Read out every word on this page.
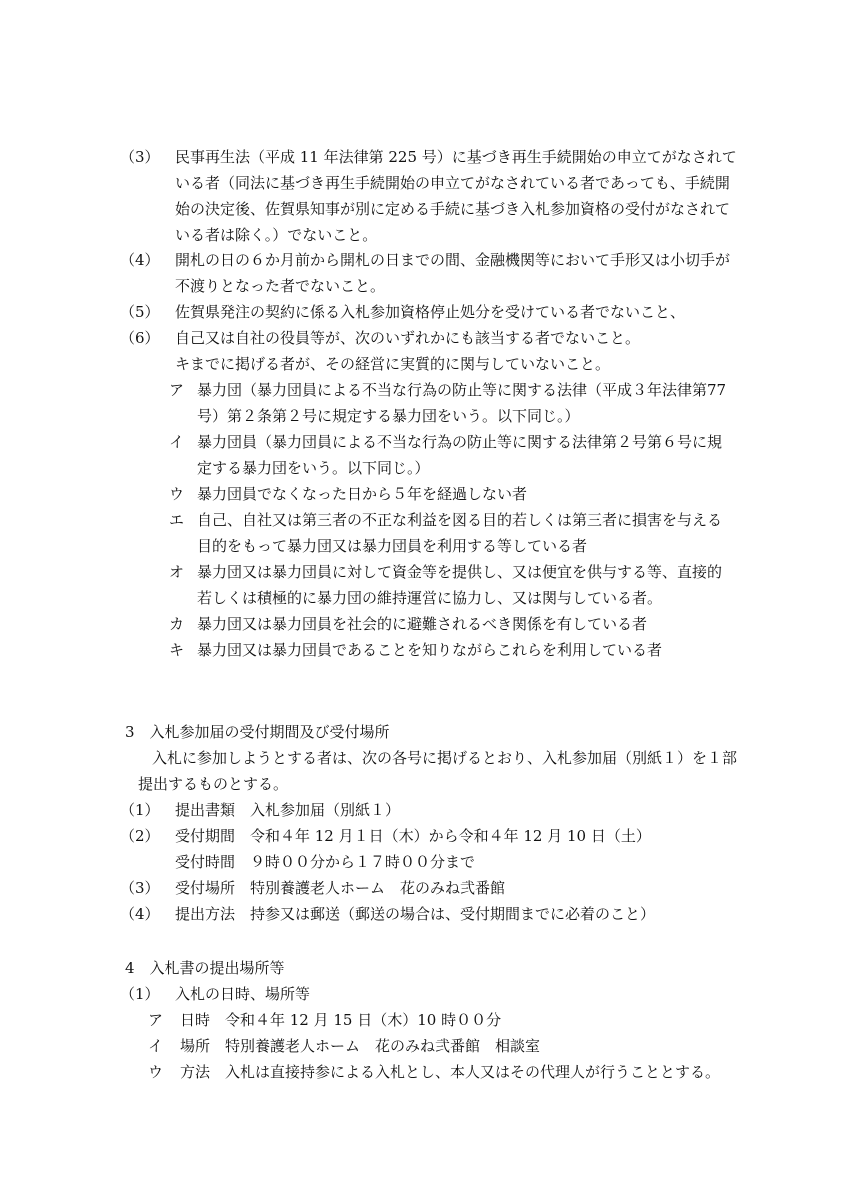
（3） 民事再生法（平成 11 年法律第 225 号）に基づき再生手続開始の申立てがなされて
いる者（同法に基づき再生手続開始の申立てがなされている者であっても、手続開
始の決定後、佐賀県知事が別に定める手続に基づき入札参加資格の受付がなされて
いる者は除く。）でないこと。
（4） 開札の日の６か月前から開札の日までの間、金融機関等において手形又は小切手が
不渡りとなった者でないこと。
（5） 佐賀県発注の契約に係る入札参加資格停止処分を受けている者でないこと、
（6） 自己又は自社の役員等が、次のいずれかにも該当する者でないこと。
キまでに掲げる者が、その経営に実質的に関与していないこと。
ア 暴力団（暴力団員による不当な行為の防止等に関する法律（平成３年法律第77
号）第２条第２号に規定する暴力団をいう。以下同じ。）
イ 暴力団員（暴力団員による不当な行為の防止等に関する法律第２号第６号に規
定する暴力団をいう。以下同じ。）
ウ 暴力団員でなくなった日から５年を経過しない者
エ 自己、自社又は第三者の不正な利益を図る目的若しくは第三者に損害を与える
目的をもって暴力団又は暴力団員を利用する等している者
オ 暴力団又は暴力団員に対して資金等を提供し、又は便宜を供与する等、直接的
若しくは積極的に暴力団の維持運営に協力し、又は関与している者。
カ 暴力団又は暴力団員を社会的に避難されるべき関係を有している者
キ 暴力団又は暴力団員であることを知りながらこれらを利用している者
3　入札参加届の受付期間及び受付場所
入札に参加しようとする者は、次の各号に掲げるとおり、入札参加届（別紙１）を１部
提出するものとする。
（1） 提出書類　入札参加届（別紙１）
（2） 受付期間　令和４年 12 月１日（木）から令和４年 12 月 10 日（土）
受付時間　９時００分から１７時００分まで
（3） 受付場所　特別養護老人ホーム　花のみね弐番館
（4） 提出方法　持参又は郵送（郵送の場合は、受付期間までに必着のこと）
4　入札書の提出場所等
（1） 入札の日時、場所等
ア 日時　令和４年 12 月 15 日（木）10 時００分
イ 場所　特別養護老人ホーム　花のみね弐番館　相談室
ウ 方法　入札は直接持参による入札とし、本人又はその代理人が行うこととする。
